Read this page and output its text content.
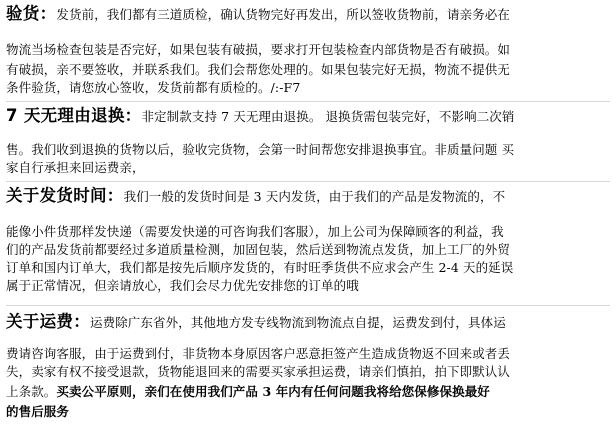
验货：发货前，我们都有三道质检，确认货物完好再发出，所以签收货物前，请亲务必在
物流当场检查包装是否完好，如果包装有破损，要求打开包装检查内部货物是否有破损。如
有破损，亲不要签收，并联系我们。我们会帮您处理的。如果包装完好无损，物流不提供无
条件验货，请您放心签收，发货前都有质检的。/:-F7
7 天无理由退换：非定制款支持 7 天无理由退换。 退换货需包装完好，不影响二次销
售。我们收到退换的货物以后，验收完货物，会第一时间帮您安排退换事宜。非质量问题 买
家自行承担来回运费亲，
关于发货时间：我们一般的发货时间是 3 天内发货，由于我们的产品是发物流的，不
能像小件货那样发快递（需要发快递的可咨询我们客服），加上公司为保障顾客的利益，我
们的产品发货前都要经过多道质量检测，加固包装，然后送到物流点发货，加上工厂的外贸
订单和国内订单大，我们都是按先后顺序发货的，有时旺季货供不应求会产生 2-4 天的延误
属于正常情况，但亲请放心，我们会尽力优先安排您的订单的哦
关于运费：运费除广东省外，其他地方发专线物流到物流点自提，运费发到付，具体运
费请咨询客服，由于运费到付，非货物本身原因客户恶意拒签产生造成货物返不回来或者丢
失，卖家有权不接受退款，货物能退回来的需要买家承担运费，请亲们慎拍，拍下即默认认
上条款。买卖公平原则，亲们在使用我们产品 3 年内有任何问题我将给您保修保换最好
的售后服务
